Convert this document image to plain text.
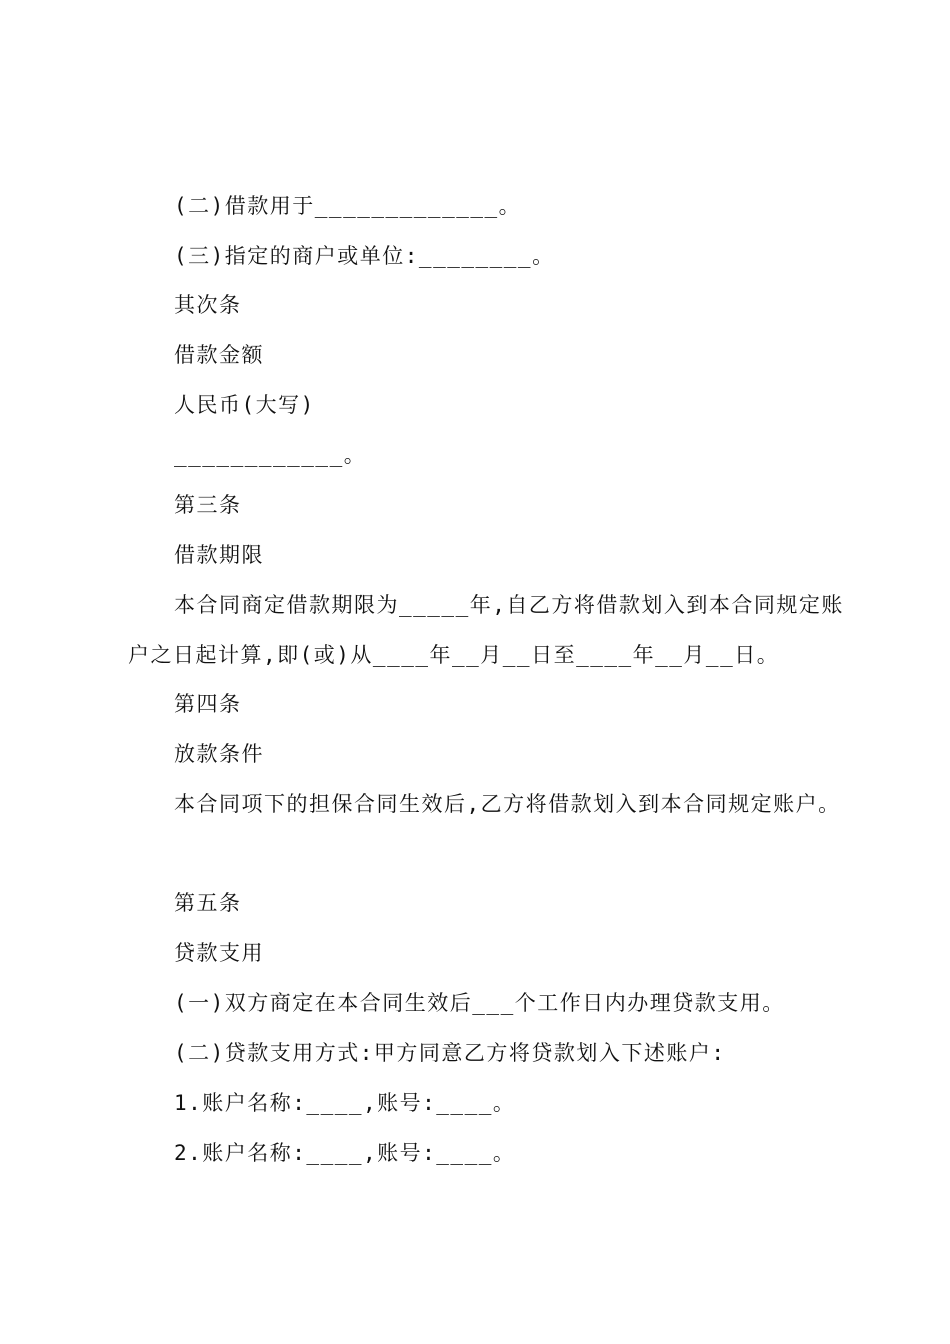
(二)借款用于_____________。
(三)指定的商户或单位:________。
其次条
借款金额
人民币(大写)
____________。
第三条
借款期限
本合同商定借款期限为_____年,自乙方将借款划入到本合同规定账
户之日起计算,即(或)从____年__月__日至____年__月__日。
第四条
放款条件
本合同项下的担保合同生效后,乙方将借款划入到本合同规定账户。
第五条
贷款支用
(一)双方商定在本合同生效后___个工作日内办理贷款支用。
(二)贷款支用方式:甲方同意乙方将贷款划入下述账户:
1.账户名称:____,账号:____。
2.账户名称:____,账号:____。
